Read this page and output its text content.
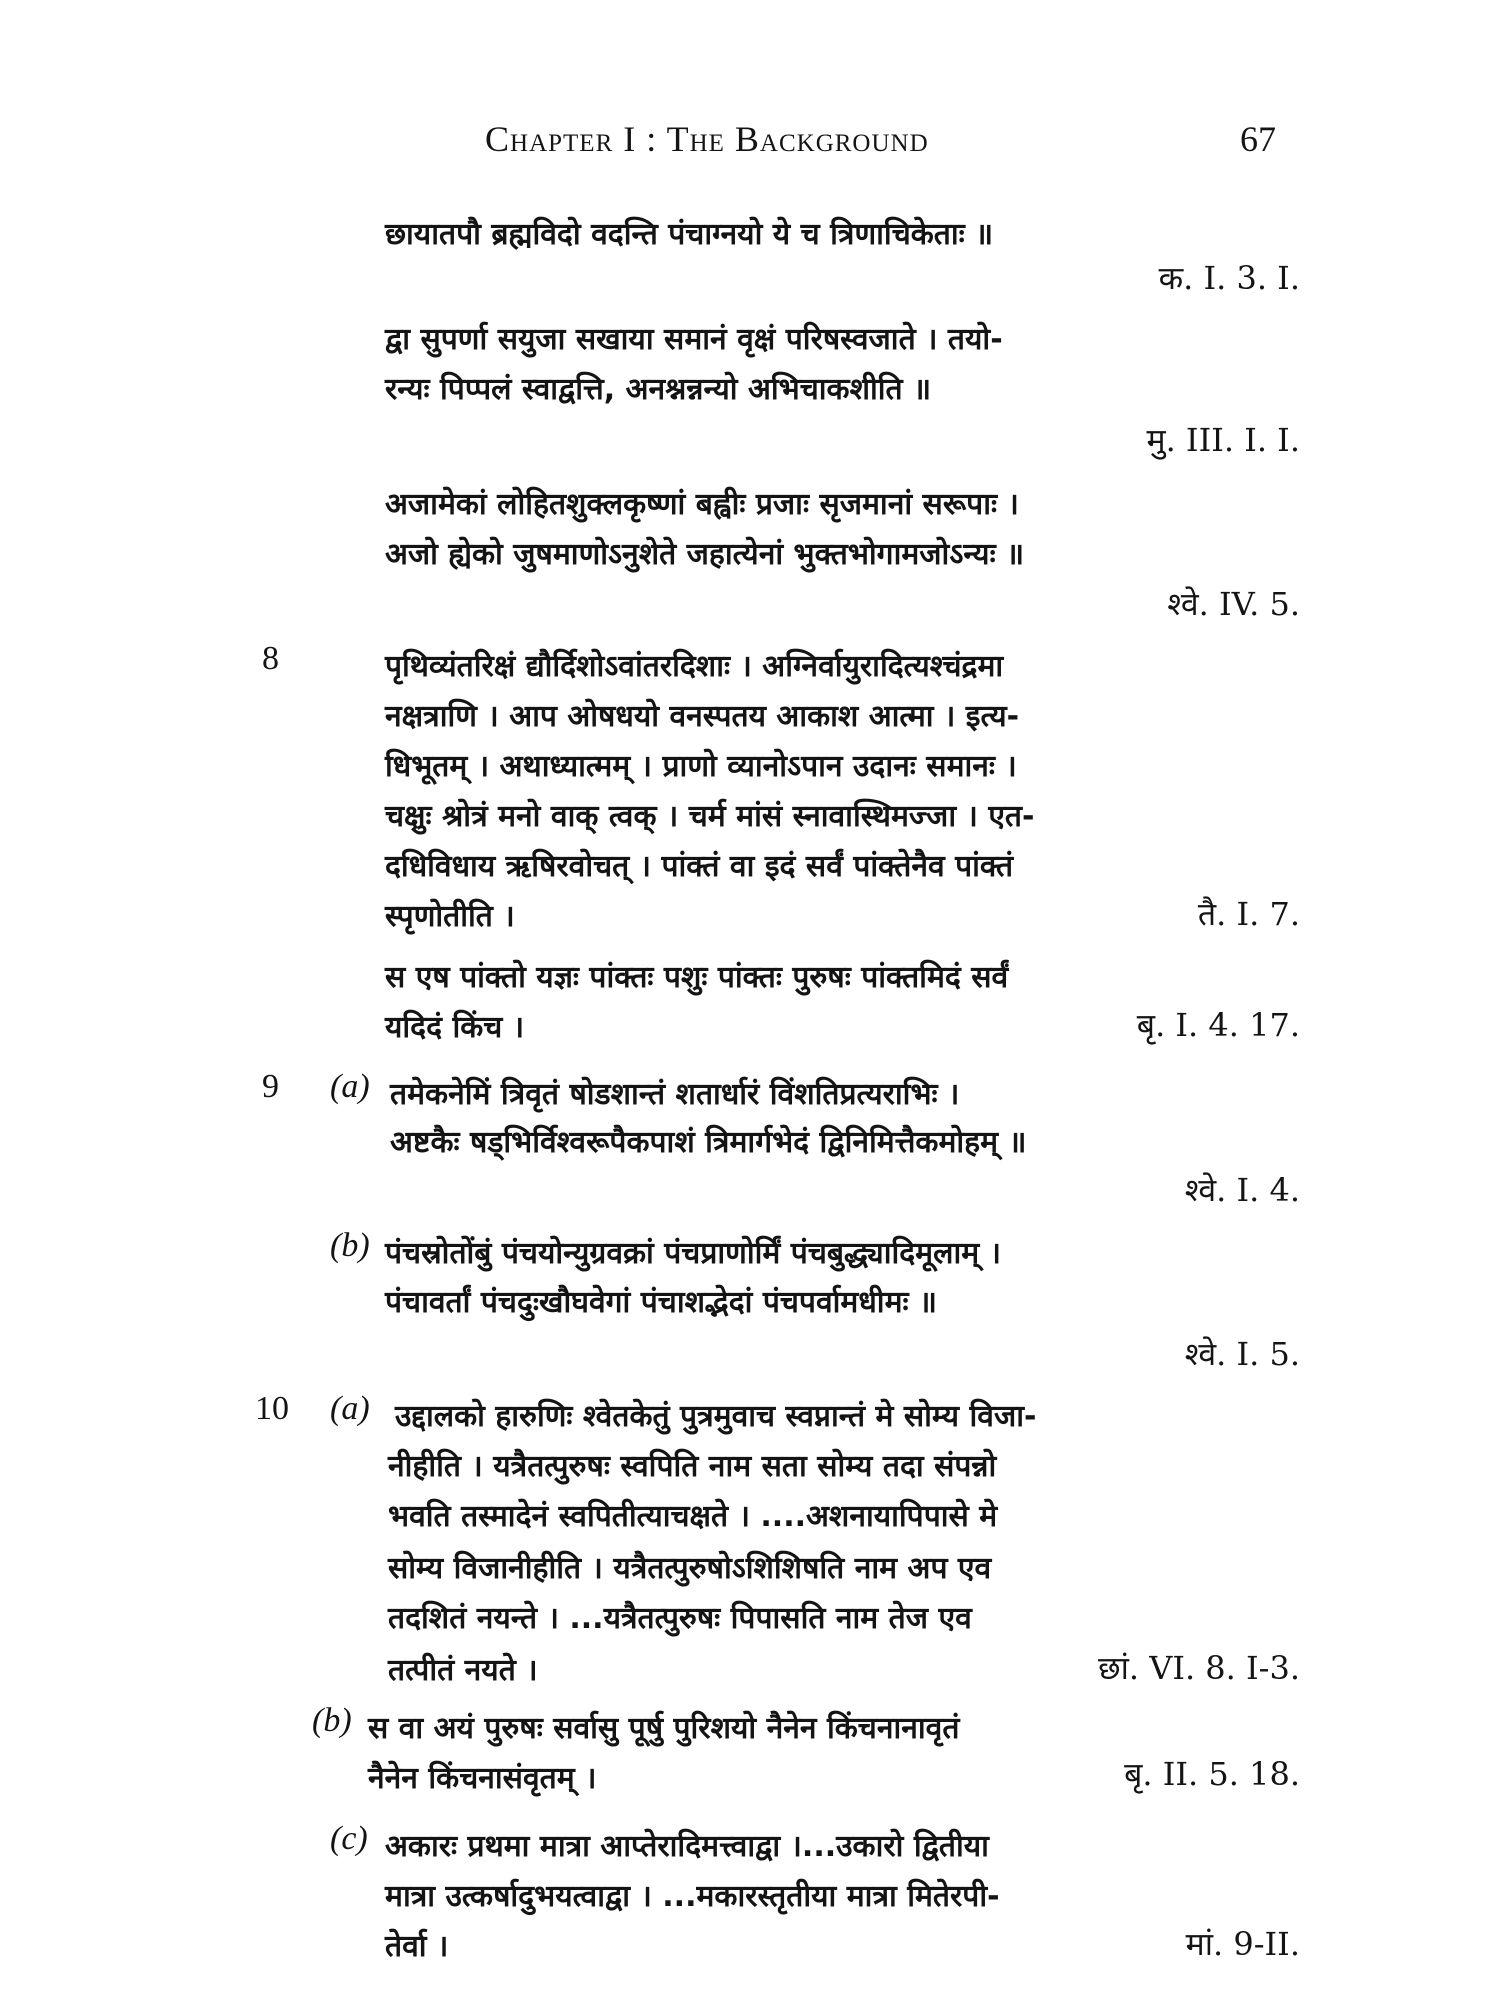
Chapter I : The Background	67
छायातपौ ब्रह्मविदो वदन्ति पंचाग्नयो ये च त्रिणाचिकेताः ॥
क. I. 3. I.
द्वा सुपर्णा सयुजा सखाया समानं वृक्षं परिषस्वजाते । तयो-
रन्यः पिप्पलं स्वाद्वत्ति, अनश्नन्नन्यो अभिचाकशीति ॥
मु. III. I. I.
अजामेकां लोहितशुक्लकृष्णां बह्वीः प्रजाः सृजमानां सरूपाः ।
अजो ह्येको जुषमाणोऽनुशेते जहात्येनां भुक्तभोगामजोऽन्यः ॥
श्वे. IV. 5.
8	पृथिव्यंतरिक्षं द्यौर्दिशोऽवांतरदिशाः । अग्निर्वायुरादित्यश्चंद्रमा
नक्षत्राणि । आप ओषधयो वनस्पतय आकाश आत्मा । इत्य-
धिभूतम् । अथाध्यात्मम् । प्राणो व्यानोऽपान उदानः समानः ।
चक्षुः श्रोत्रं मनो वाक् त्वक् । चर्म मांसं स्नावास्थिमज्जा । एत-
दधिविधाय ऋषिरवोचत् । पांक्तं वा इदं सर्वं पांक्तेनैव पांक्तं
स्पृणोतीति ।	तै. I. 7.
स एष पांक्तो यज्ञः पांक्तः पशुः पांक्तः पुरुषः पांक्तमिदं सर्वं
यदिदं किंच ।	बृ. I. 4. 17.
9 (a) तमेकनेमिं त्रिवृतं षोडशान्तं शतार्धारं विंशतिप्रत्यराभिः ।
अष्टकैः षड्भिर्विश्वरूपैकपाशं त्रिमार्गभेदं द्विनिमित्तैकमोहम् ॥
श्वे. I. 4.
(b) पंचस्रोतोंबुं पंचयोन्युग्रवक्रां पंचप्राणोर्मिं पंचबुद्ध्यादिमूलाम् ।
पंचावर्तां पंचदुःखौघवेगां पंचाशद्भेदां पंचपर्वामधीमः ॥
श्वे. I. 5.
10 (a) उद्दालको हारुणिः श्वेतकेतुं पुत्रमुवाच स्वप्नान्तं मे सोम्य विजा-
नीहीति । यत्रैतत्पुरुषः स्वपिति नाम सता सोम्य तदा संपन्नो
भवति तस्मादेनं स्वपितीत्याचक्षते । ....अशनायापिपासे मे
सोम्य विजानीहीति । यत्रैतत्पुरुषोऽशिशिषति नाम अप एव
तदशितं नयन्ते । ...यत्रैतत्पुरुषः पिपासति नाम तेज एव
तत्पीतं नयते ।	छां. VI. 8. I-3.
(b) स वा अयं पुरुषः सर्वासु पूर्षु पुरिशयो नैनेन किंचनानावृतं
नैनेन किंचनासंवृतम् ।	बृ. II. 5. 18.
(c) अकारः प्रथमा मात्रा आप्तेरादिमत्त्वाद्वा ।...उकारो द्वितीया
मात्रा उत्कर्षादुभयत्वाद्वा । ...मकारस्तृतीया मात्रा मितेरपी-
तेर्वा ।	मां. 9-II.
